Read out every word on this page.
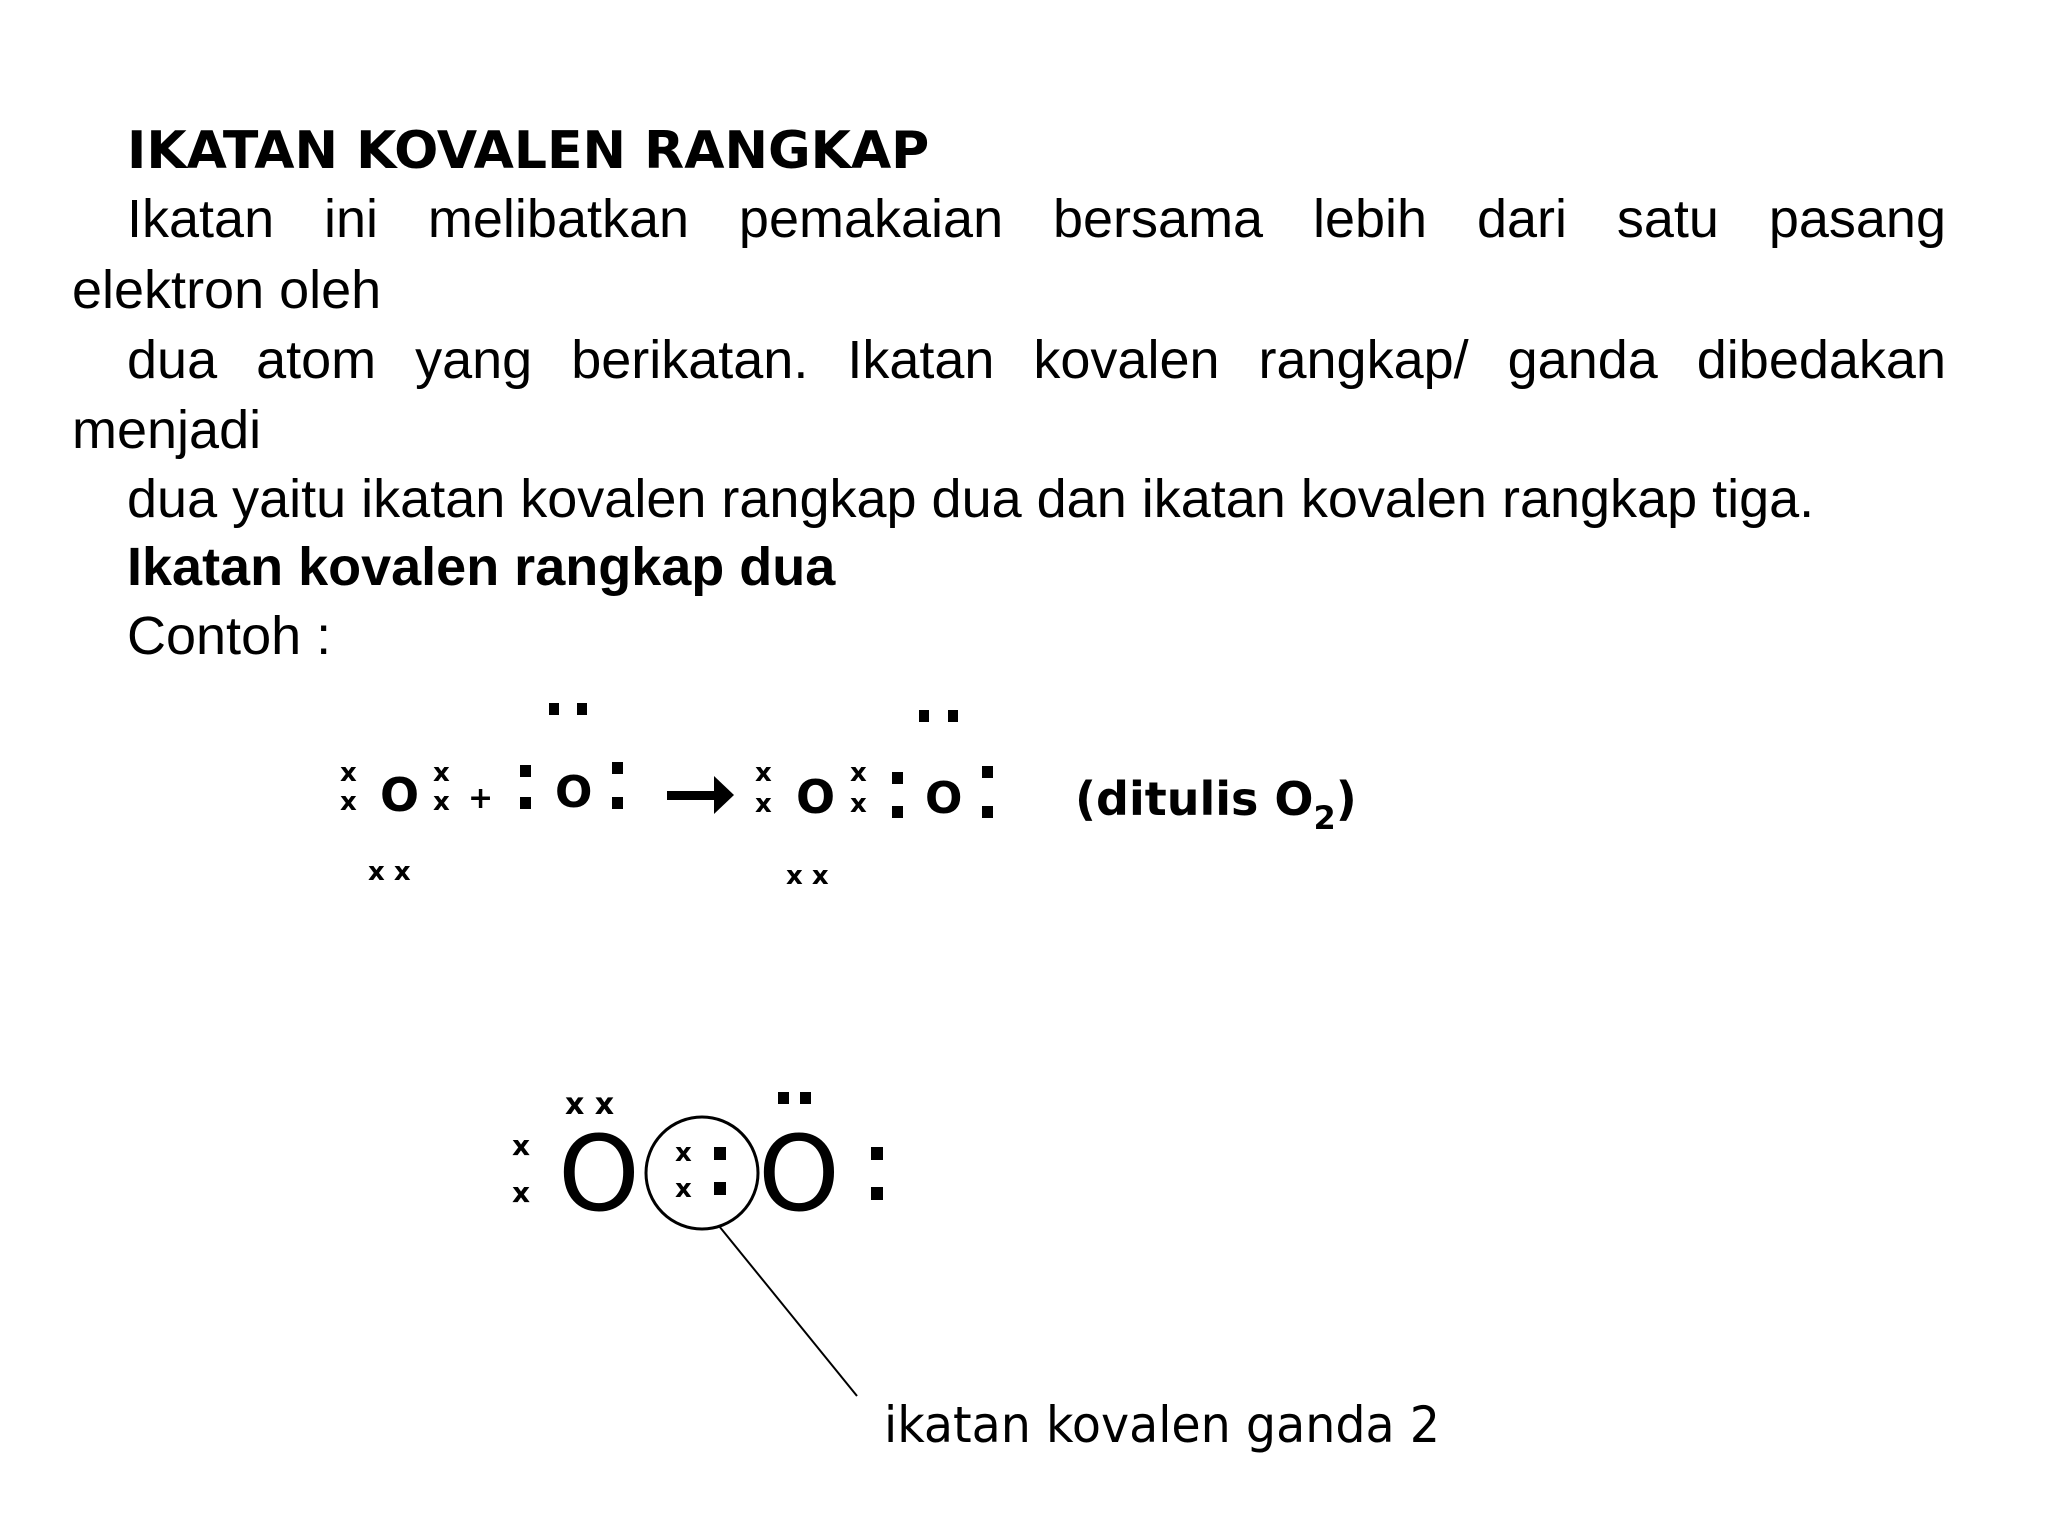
IKATAN KOVALEN RANGKAP
Ikatan ini melibatkan pemakaian bersama lebih dari satu pasang
elektron oleh
dua atom yang berikatan. Ikatan kovalen rangkap/ ganda dibedakan
menjadi
dua yaitu ikatan kovalen rangkap dua dan ikatan kovalen rangkap tiga.
Ikatan kovalen rangkap dua
Contoh :
x
x O x
x
x x
+ O	x
x O x
x
x x
O (ditulis $O_2$)
x x
x
x O x
x O
ikatan kovalen ganda 2
